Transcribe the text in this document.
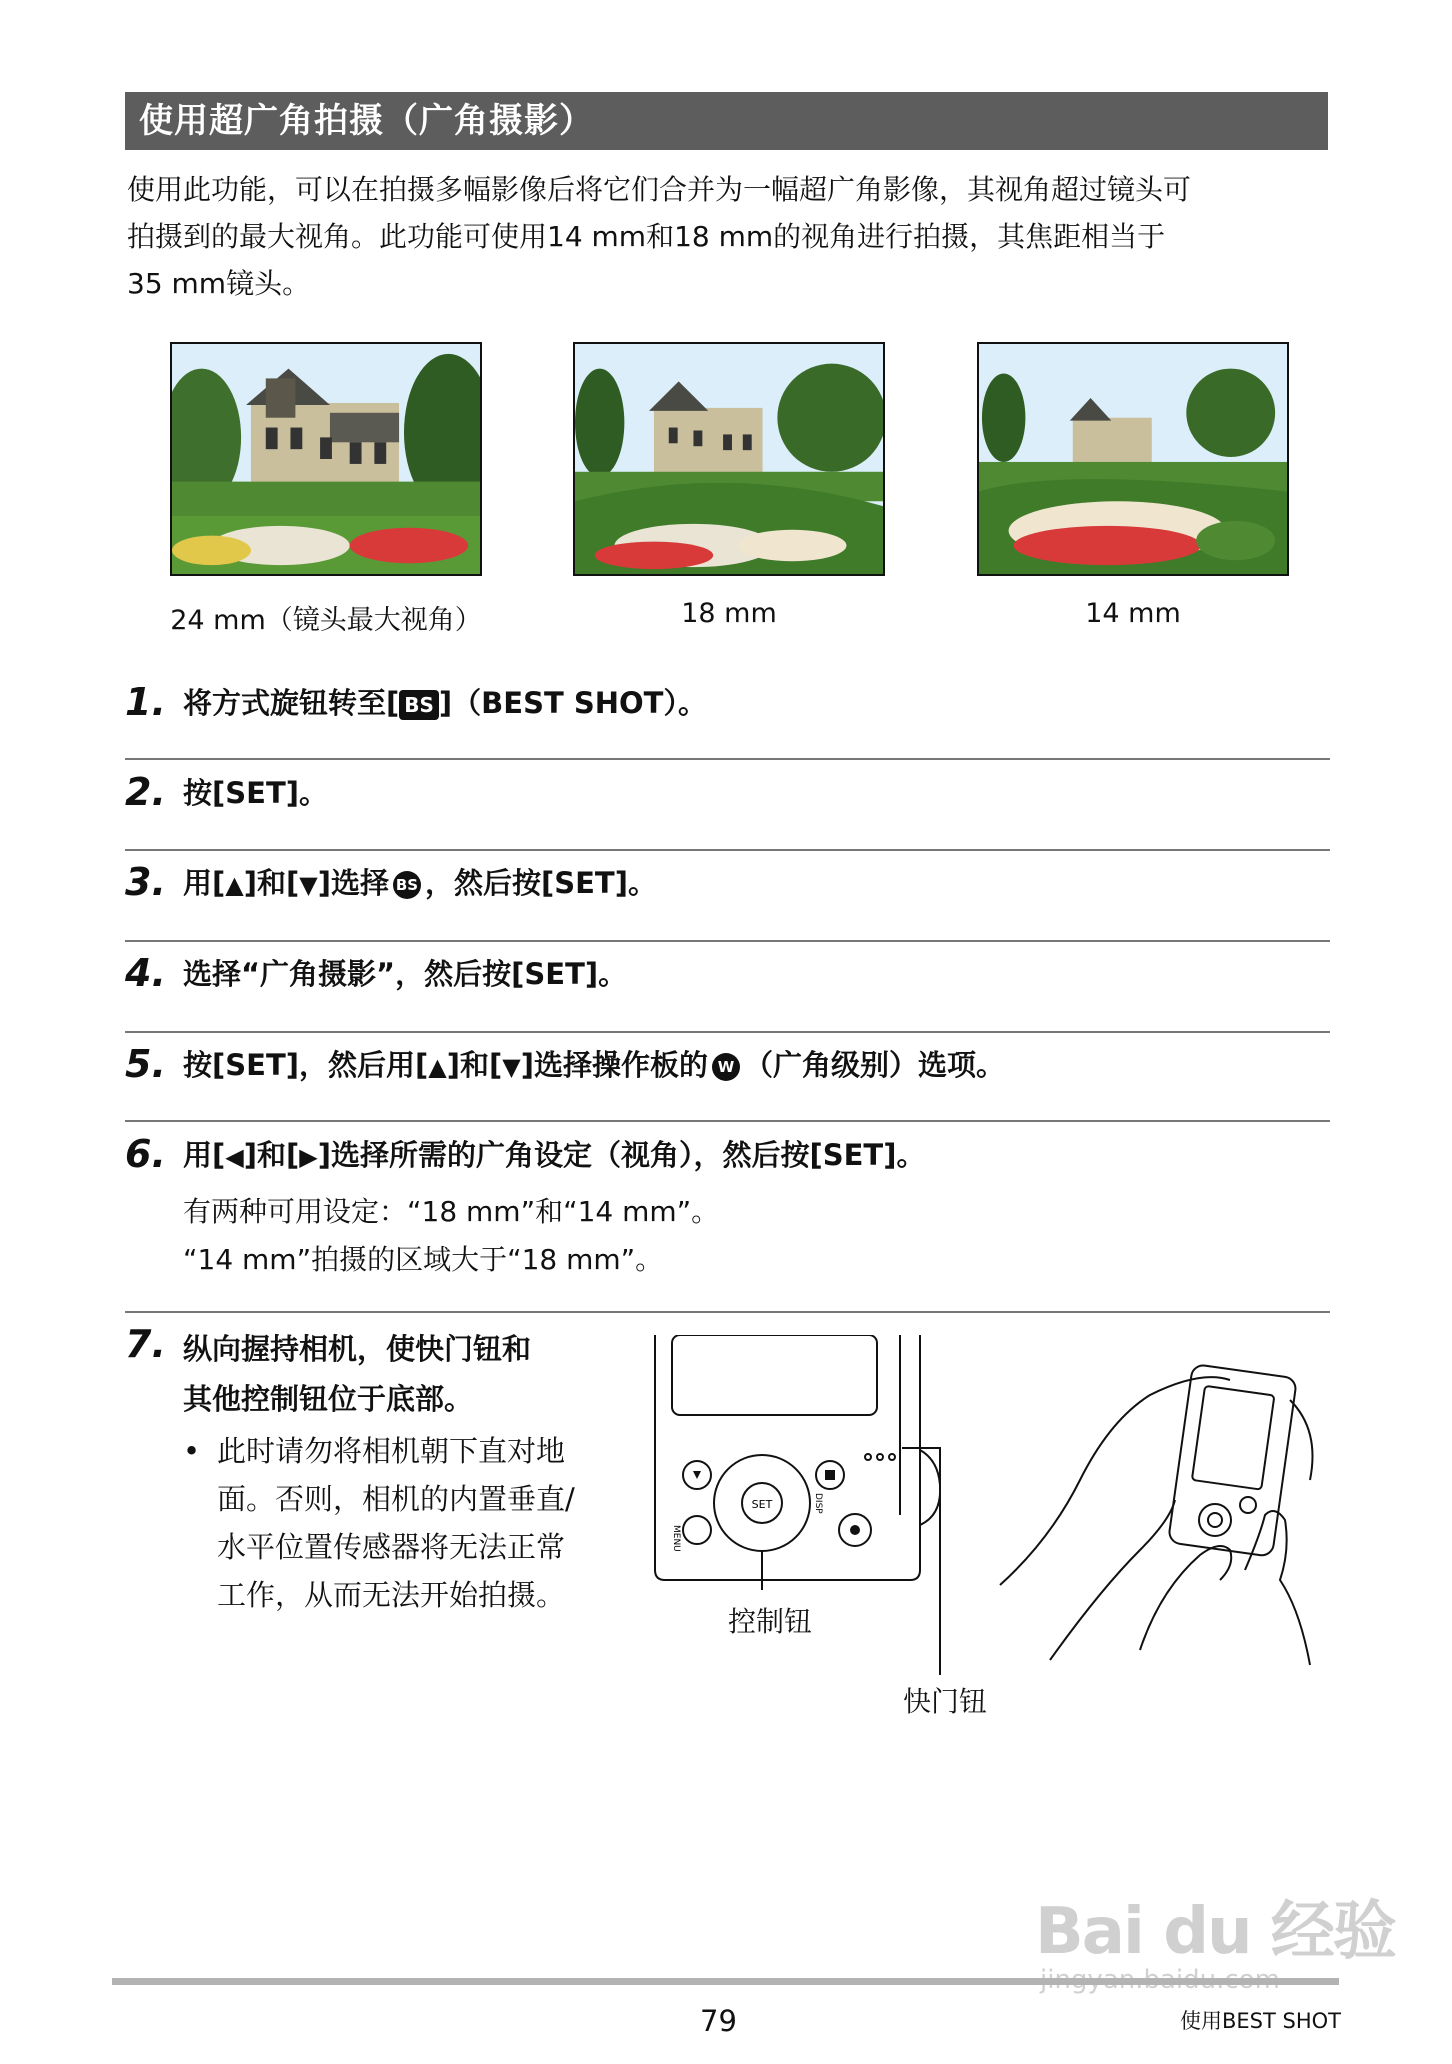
使用超广角拍摄（广角摄影）
使用此功能，可以在拍摄多幅影像后将它们合并为一幅超广角影像，其视角超过镜头可
拍摄到的最大视角。此功能可使用14 mm和18 mm的视角进行拍摄，其焦距相当于
35 mm镜头。
24 mm（镜头最大视角）	18 mm	14 mm
1. 将方式旋钮转至[ BS ]（BEST SHOT）。
2. 按[SET]。
3. 用[▲]和[▼]选择 BS ，然后按[SET]。
4. 选择“广角摄影”，然后按[SET]。
5. 按[SET]，然后用[▲]和[▼]选择操作板的 W （广角级别）选项。
6. 用[◀]和[▶]选择所需的广角设定（视角），然后按[SET]。
有两种可用设定：“18 mm”和“14 mm”。
“14 mm”拍摄的区域大于“18 mm”。
7. 纵向握持相机，使快门钮和
其他控制钮位于底部。
• 此时请勿将相机朝下直对地
面。否则，相机的内置垂直/
水平位置传感器将无法正常
工作，从而无法开始拍摄。
SET
MENU
DISP
控制钮
快门钮
Bai du 经验
79	使用BEST SHOT
